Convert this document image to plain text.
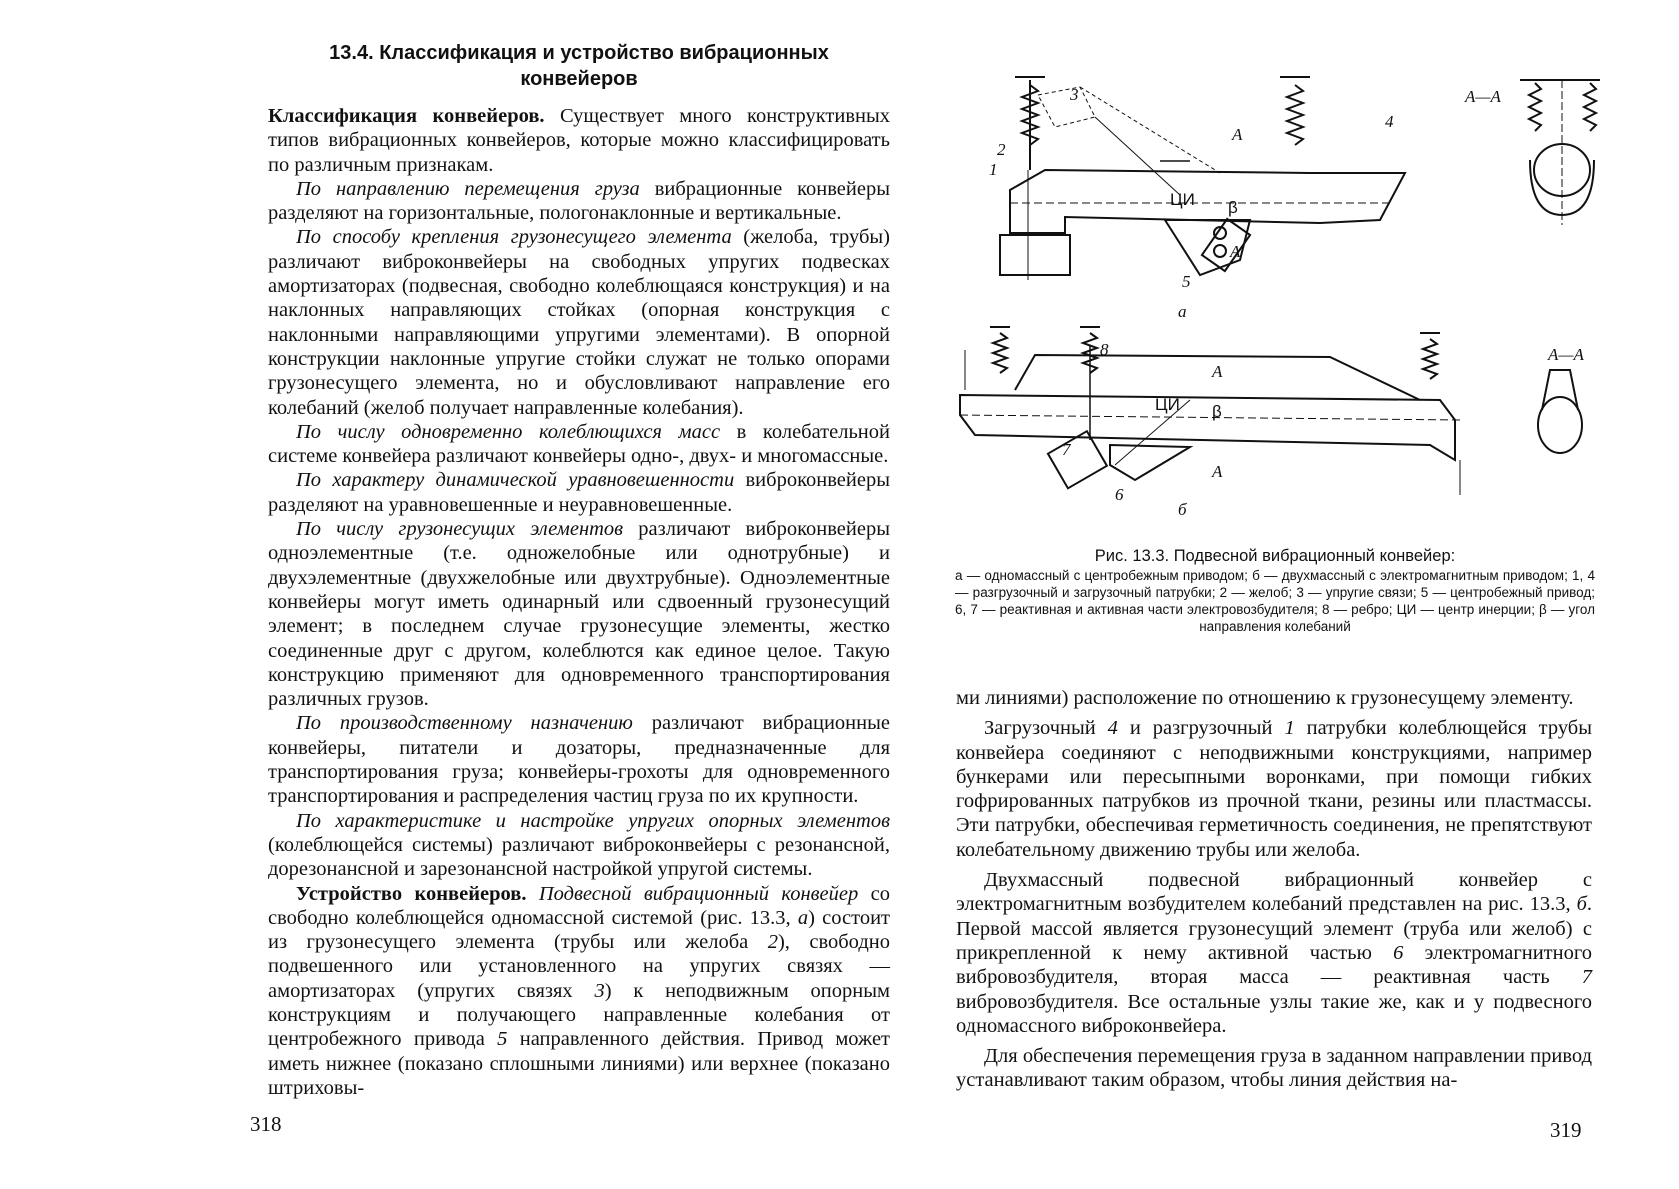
13.4. Классификация и устройство вибрационных конвейеров

Классификация конвейеров. Существует много конструктивных типов вибрационных конвейеров, которые можно классифицировать по различным признакам.

По направлению перемещения груза вибрационные конвейеры разделяют на горизонтальные, пологонаклонные и вертикальные.

По способу крепления грузонесущего элемента (желоба, трубы) различают виброконвейеры на свободных упругих подвесках амортизаторах (подвесная, свободно колеблющаяся конструкция) и на наклонных направляющих стойках (опорная конструкция с наклонными направляющими упругими элементами). В опорной конструкции наклонные упругие стойки служат не только опорами грузонесущего элемента, но и обусловливают направление его колебаний (желоб получает направленные колебания).

По числу одновременно колеблющихся масс в колебательной системе конвейера различают конвейеры одно-, двух- и многомассные.

По характеру динамической уравновешенности виброконвейеры разделяют на уравновешенные и неуравновешенные.

По числу грузонесущих элементов различают виброконвейеры одноэлементные (т.е. одножелобные или однотрубные) и двухэлементные (двухжелобные или двухтрубные). Одноэлементные конвейеры могут иметь одинарный или сдвоенный грузонесущий элемент; в последнем случае грузонесущие элементы, жестко соединенные друг с другом, колеблются как единое целое. Такую конструкцию применяют для одновременного транспортирования различных грузов.

По производственному назначению различают вибрационные конвейеры, питатели и дозаторы, предназначенные для транспортирования груза; конвейеры-грохоты для одновременного транспортирования и распределения частиц груза по их крупности.

По характеристике и настройке упругих опорных элементов (колеблющейся системы) различают виброконвейеры с резонансной, дорезонансной и зарезонансной настройкой упругой системы.

Устройство конвейеров. Подвесной вибрационный конвейер со свободно колеблющейся одномассной системой (рис. 13.3, а) состоит из грузонесущего элемента (трубы или желоба 2), свободно подвешенного или установленного на упругих связях — амортизаторах (упругих связях 3) к неподвижным опорным конструкциям и получающего направленные колебания от центробежного привода 5 направленного действия. Привод может иметь нижнее (показано сплошными линиями) или верхнее (показано штриховы-

318
А—А
1
2
3
4
5
ЦИ β
А
А
а
А—А
8
7
6
ЦИ β
А
А
б
Рис. 13.3. Подвесной вибрационный конвейер:
а — одномассный с центробежным приводом; б — двухмассный с электромагнитным приводом; 1, 4 — разгрузочный и загрузочный патрубки; 2 — желоб; 3 — упругие связи; 5 — центробежный привод; 6, 7 — реактивная и активная части электровозбудителя; 8 — ребро; ЦИ — центр инерции; β — угол направления колебаний

ми линиями) расположение по отношению к грузонесущему элементу.

Загрузочный 4 и разгрузочный 1 патрубки колеблющейся трубы конвейера соединяют с неподвижными конструкциями, например бункерами или пересыпными воронками, при помощи гибких гофрированных патрубков из прочной ткани, резины или пластмассы. Эти патрубки, обеспечивая герметичность соединения, не препятствуют колебательному движению трубы или желоба.

Двухмассный подвесной вибрационный конвейер с электромагнитным возбудителем колебаний представлен на рис. 13.3, б. Первой массой является грузонесущий элемент (труба или желоб) с прикрепленной к нему активной частью 6 электромагнитного вибровозбудителя, вторая масса — реактивная часть 7 вибровозбудителя. Все остальные узлы такие же, как и у подвесного одномассного виброконвейера.

Для обеспечения перемещения груза в заданном направлении привод устанавливают таким образом, чтобы линия действия на-

319
